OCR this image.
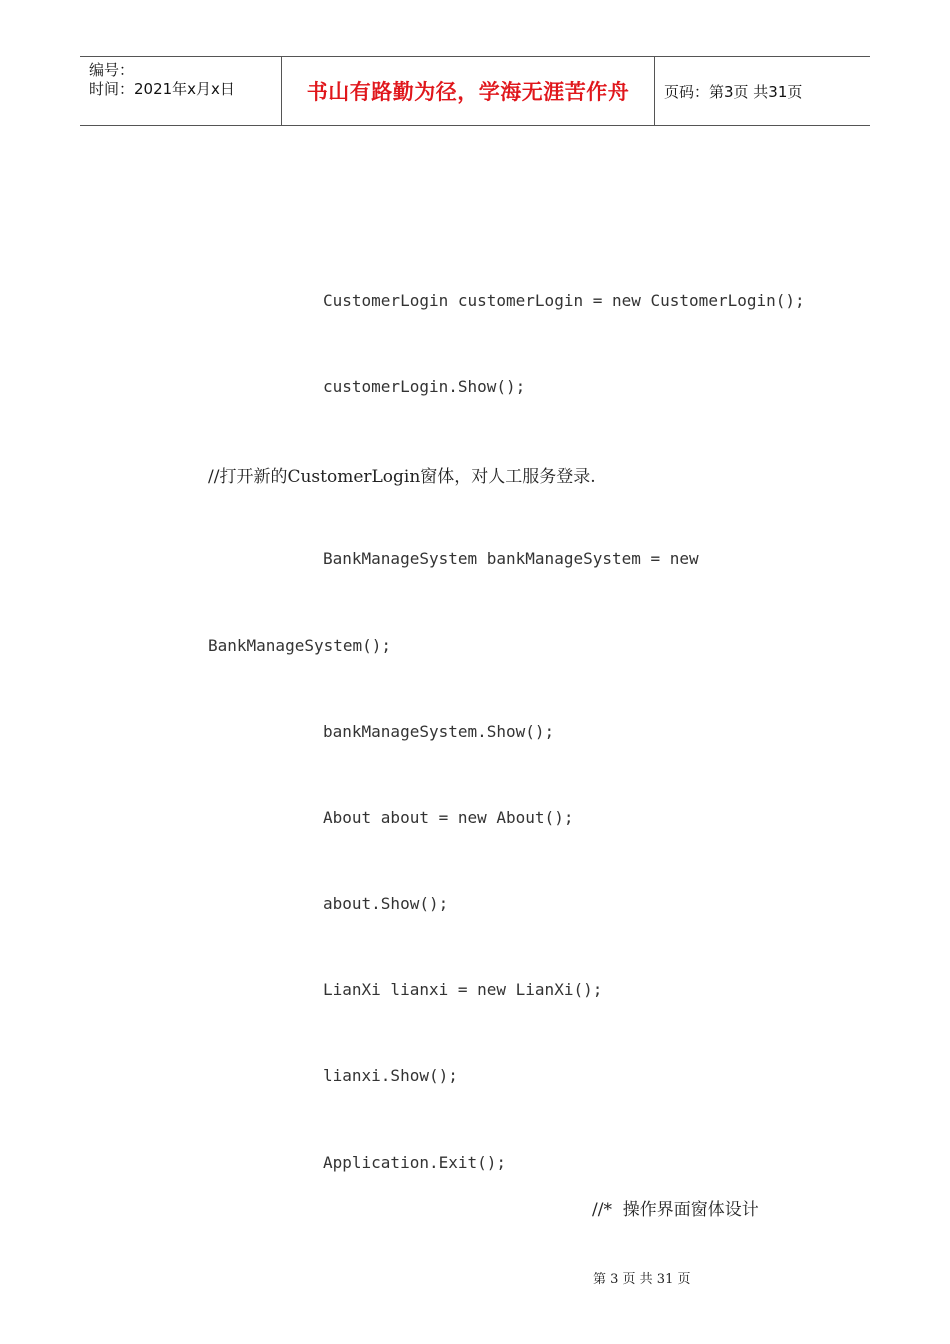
编号：
时间：2021年x月x日	书山有路勤为径，学海无涯苦作舟	页码：第3页 共31页
CustomerLogin customerLogin = new CustomerLogin();
customerLogin.Show();
//打开新的CustomerLogin窗体，对人工服务登录.
BankManageSystem bankManageSystem = new
BankManageSystem();
bankManageSystem.Show();
About about = new About();
about.Show();
LianXi lianxi = new LianXi();
lianxi.Show();
Application.Exit();
//*  操作界面窗体设计
第 3 页 共 31 页
